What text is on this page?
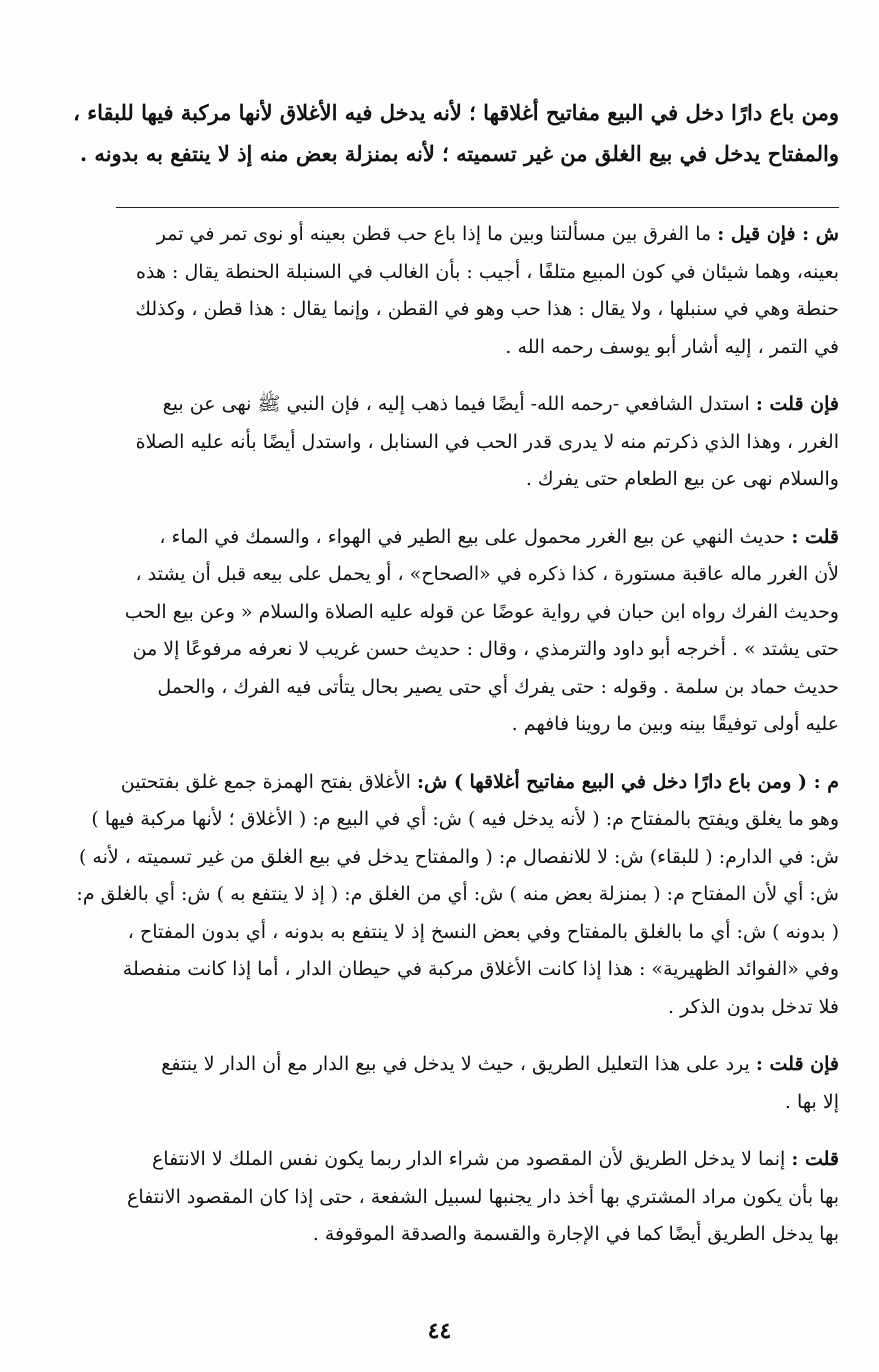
ومن باع دارًا دخل في البيع مفاتيح أغلاقها ؛ لأنه يدخل فيه الأغلاق لأنها مركبة فيها للبقاء ،

والمفتاح يدخل في بيع الغلق من غير تسميته ؛ لأنه بمنزلة بعض منه إذ لا ينتفع به بدونه .

ش : فإن قيل : ما الفرق بين مسألتنا وبين ما إذا باع حب قطن بعينه أو نوى تمر في تمر

بعينه، وهما شيئان في كون المبيع متلفًا ، أجيب : بأن الغالب في السنبلة الحنطة يقال : هذه

حنطة وهي في سنبلها ، ولا يقال : هذا حب وهو في القطن ، وإنما يقال : هذا قطن ، وكذلك

في التمر ، إليه أشار أبو يوسف رحمه الله .

فإن قلت : استدل الشافعي -رحمه الله- أيضًا فيما ذهب إليه ، فإن النبي ﷺ نهى عن بيع

الغرر ، وهذا الذي ذكرتم منه لا يدرى قدر الحب في السنابل ، واستدل أيضًا بأنه عليه الصلاة

والسلام نهى عن بيع الطعام حتى يفرك .

قلت : حديث النهي عن بيع الغرر محمول على بيع الطير في الهواء ، والسمك في الماء ،

لأن الغرر ماله عاقبة مستورة ، كذا ذكره في «الصحاح» ، أو يحمل على بيعه قبل أن يشتد ،

وحديث الفرك رواه ابن حبان في رواية عوضًا عن قوله عليه الصلاة والسلام « وعن بيع الحب

حتى يشتد » . أخرجه أبو داود والترمذي ، وقال : حديث حسن غريب لا نعرفه مرفوعًا إلا من

حديث حماد بن سلمة . وقوله : حتى يفرك أي حتى يصير بحال يتأتى فيه الفرك ، والحمل

عليه أولى توفيقًا بينه وبين ما روينا فافهم .

م : ( ومن باع دارًا دخل في البيع مفاتيح أغلاقها ) ش: الأغلاق بفتح الهمزة جمع غلق بفتحتين

وهو ما يغلق ويفتح بالمفتاح م: ( لأنه يدخل فيه ) ش: أي في البيع م: ( الأغلاق ؛ لأنها مركبة فيها )

ش: في الدارم: ( للبقاء) ش: لا للانفصال م: ( والمفتاح يدخل في بيع الغلق من غير تسميته ، لأنه )

ش: أي لأن المفتاح م: ( بمنزلة بعض منه ) ش: أي من الغلق م: ( إذ لا ينتفع به ) ش: أي بالغلق م:

( بدونه ) ش: أي ما بالغلق بالمفتاح وفي بعض النسخ إذ لا ينتفع به بدونه ، أي بدون المفتاح ،

وفي «الفوائد الظهيرية» : هذا إذا كانت الأغلاق مركبة في حيطان الدار ، أما إذا كانت منفصلة

فلا تدخل بدون الذكر .

فإن قلت : يرد على هذا التعليل الطريق ، حيث لا يدخل في بيع الدار مع أن الدار لا ينتفع

إلا بها .

قلت : إنما لا يدخل الطريق لأن المقصود من شراء الدار ربما يكون نفس الملك لا الانتفاع

بها بأن يكون مراد المشتري بها أخذ دار يجنبها لسبيل الشفعة ، حتى إذا كان المقصود الانتفاع

بها يدخل الطريق أيضًا كما في الإجارة والقسمة والصدقة الموقوفة .

٤٤
